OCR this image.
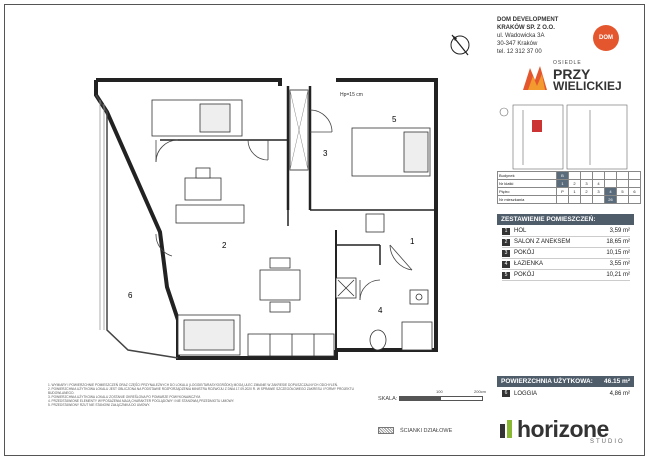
Hp=15 cm
1
2
3
4
5
6
DOM DEVELOPMENT
KRAKÓW SP. Z O.O.
ul. Wadowicka 3A
30-347 Kraków
tel. 12 312 37 00
DOM
OSIEDLE
PRZY
WIELICKIEJ
Budynek	B						
Nr klatki	1	2	3	4			
Piętro	P	1	2	3	4	5	6
Nr mieszkania					26		
ZESTAWIENIE POMIESZCZEŃ:
1	HOL	3,59 m²
2	SALON Z ANEKSEM	18,65 m²
3	POKÓJ	10,15 m²
4	ŁAZIENKA	3,55 m²
5	POKÓJ	10,21 m²
POWIERZCHNIA UŻYTKOWA: 46.15 m²
6	LOGGIA	4,86 m²
1. WYMIARY I POWIERZCHNIE POMIESZCZEŃ ORAZ CZĘŚCI PRZYNALEŻNYCH DO LOKALU (LOGGIE/TARASY/OGRÓDKI) MOGĄ ULEC ZMIANIE W ZAKRESIE DOPUSZCZALNYCH ODCHYLEŃ.
2. POWIERZCHNIA UŻYTKOWA LOKALU JEST OBLICZONA NA PODSTAWIE ROZPORZĄDZENIA MINISTRA ROZWOJU Z DNIA 17.09.2020 R. W SPRAWIE SZCZEGÓŁOWEGO ZAKRESU I FORMY PROJEKTU BUDOWLANEGO.
3. POWIERZCHNIA UŻYTKOWA LOKALU ZOSTANIE OKREŚLONA PO POMIARZE POWYKONAWCZYM.
4. PRZEDSTAWIONE ELEMENTY WYPOSAŻENIA MAJĄ CHARAKTER POGLĄDOWY I NIE STANOWIĄ PRZEDMIOTU UMOWY.
5. PRZEDSTAWIONY RZUT NIE STANOWI ZAŁĄCZNIKA DO UMOWY.
SKALA:
100	200cm
ŚCIANKI DZIAŁOWE	horizone
STUDIO
